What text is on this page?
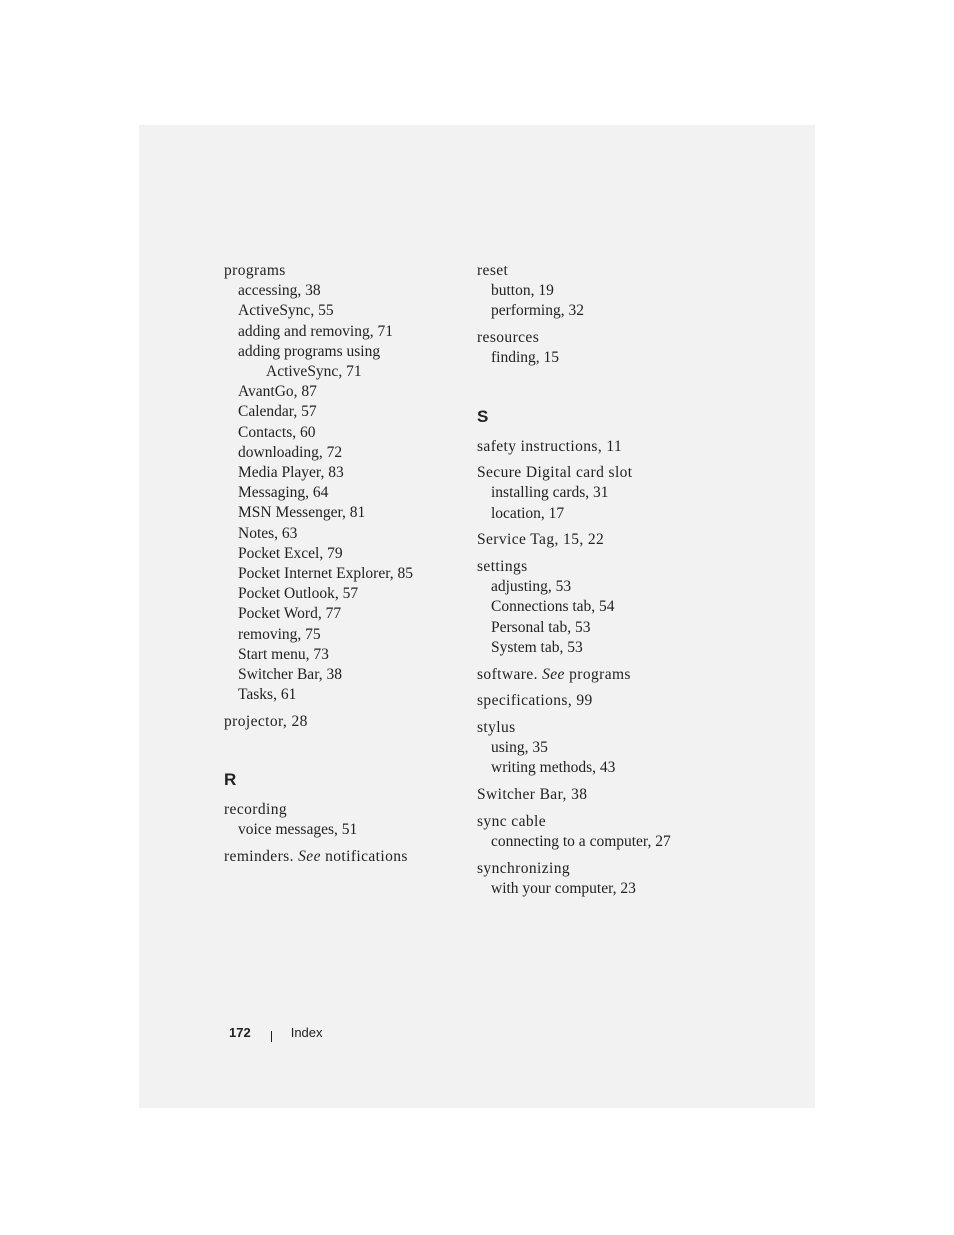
programs
accessing, 38
ActiveSync, 55
adding and removing, 71
adding programs using
ActiveSync, 71
AvantGo, 87
Calendar, 57
Contacts, 60
downloading, 72
Media Player, 83
Messaging, 64
MSN Messenger, 81
Notes, 63
Pocket Excel, 79
Pocket Internet Explorer, 85
Pocket Outlook, 57
Pocket Word, 77
removing, 75
Start menu, 73
Switcher Bar, 38
Tasks, 61
projector, 28
R
recording
voice messages, 51
reminders. See notifications
reset
button, 19
performing, 32
resources
finding, 15
S
safety instructions, 11
Secure Digital card slot
installing cards, 31
location, 17
Service Tag, 15, 22
settings
adjusting, 53
Connections tab, 54
Personal tab, 53
System tab, 53
software. See programs
specifications, 99
stylus
using, 35
writing methods, 43
Switcher Bar, 38
sync cable
connecting to a computer, 27
synchronizing
with your computer, 23
172	Index
